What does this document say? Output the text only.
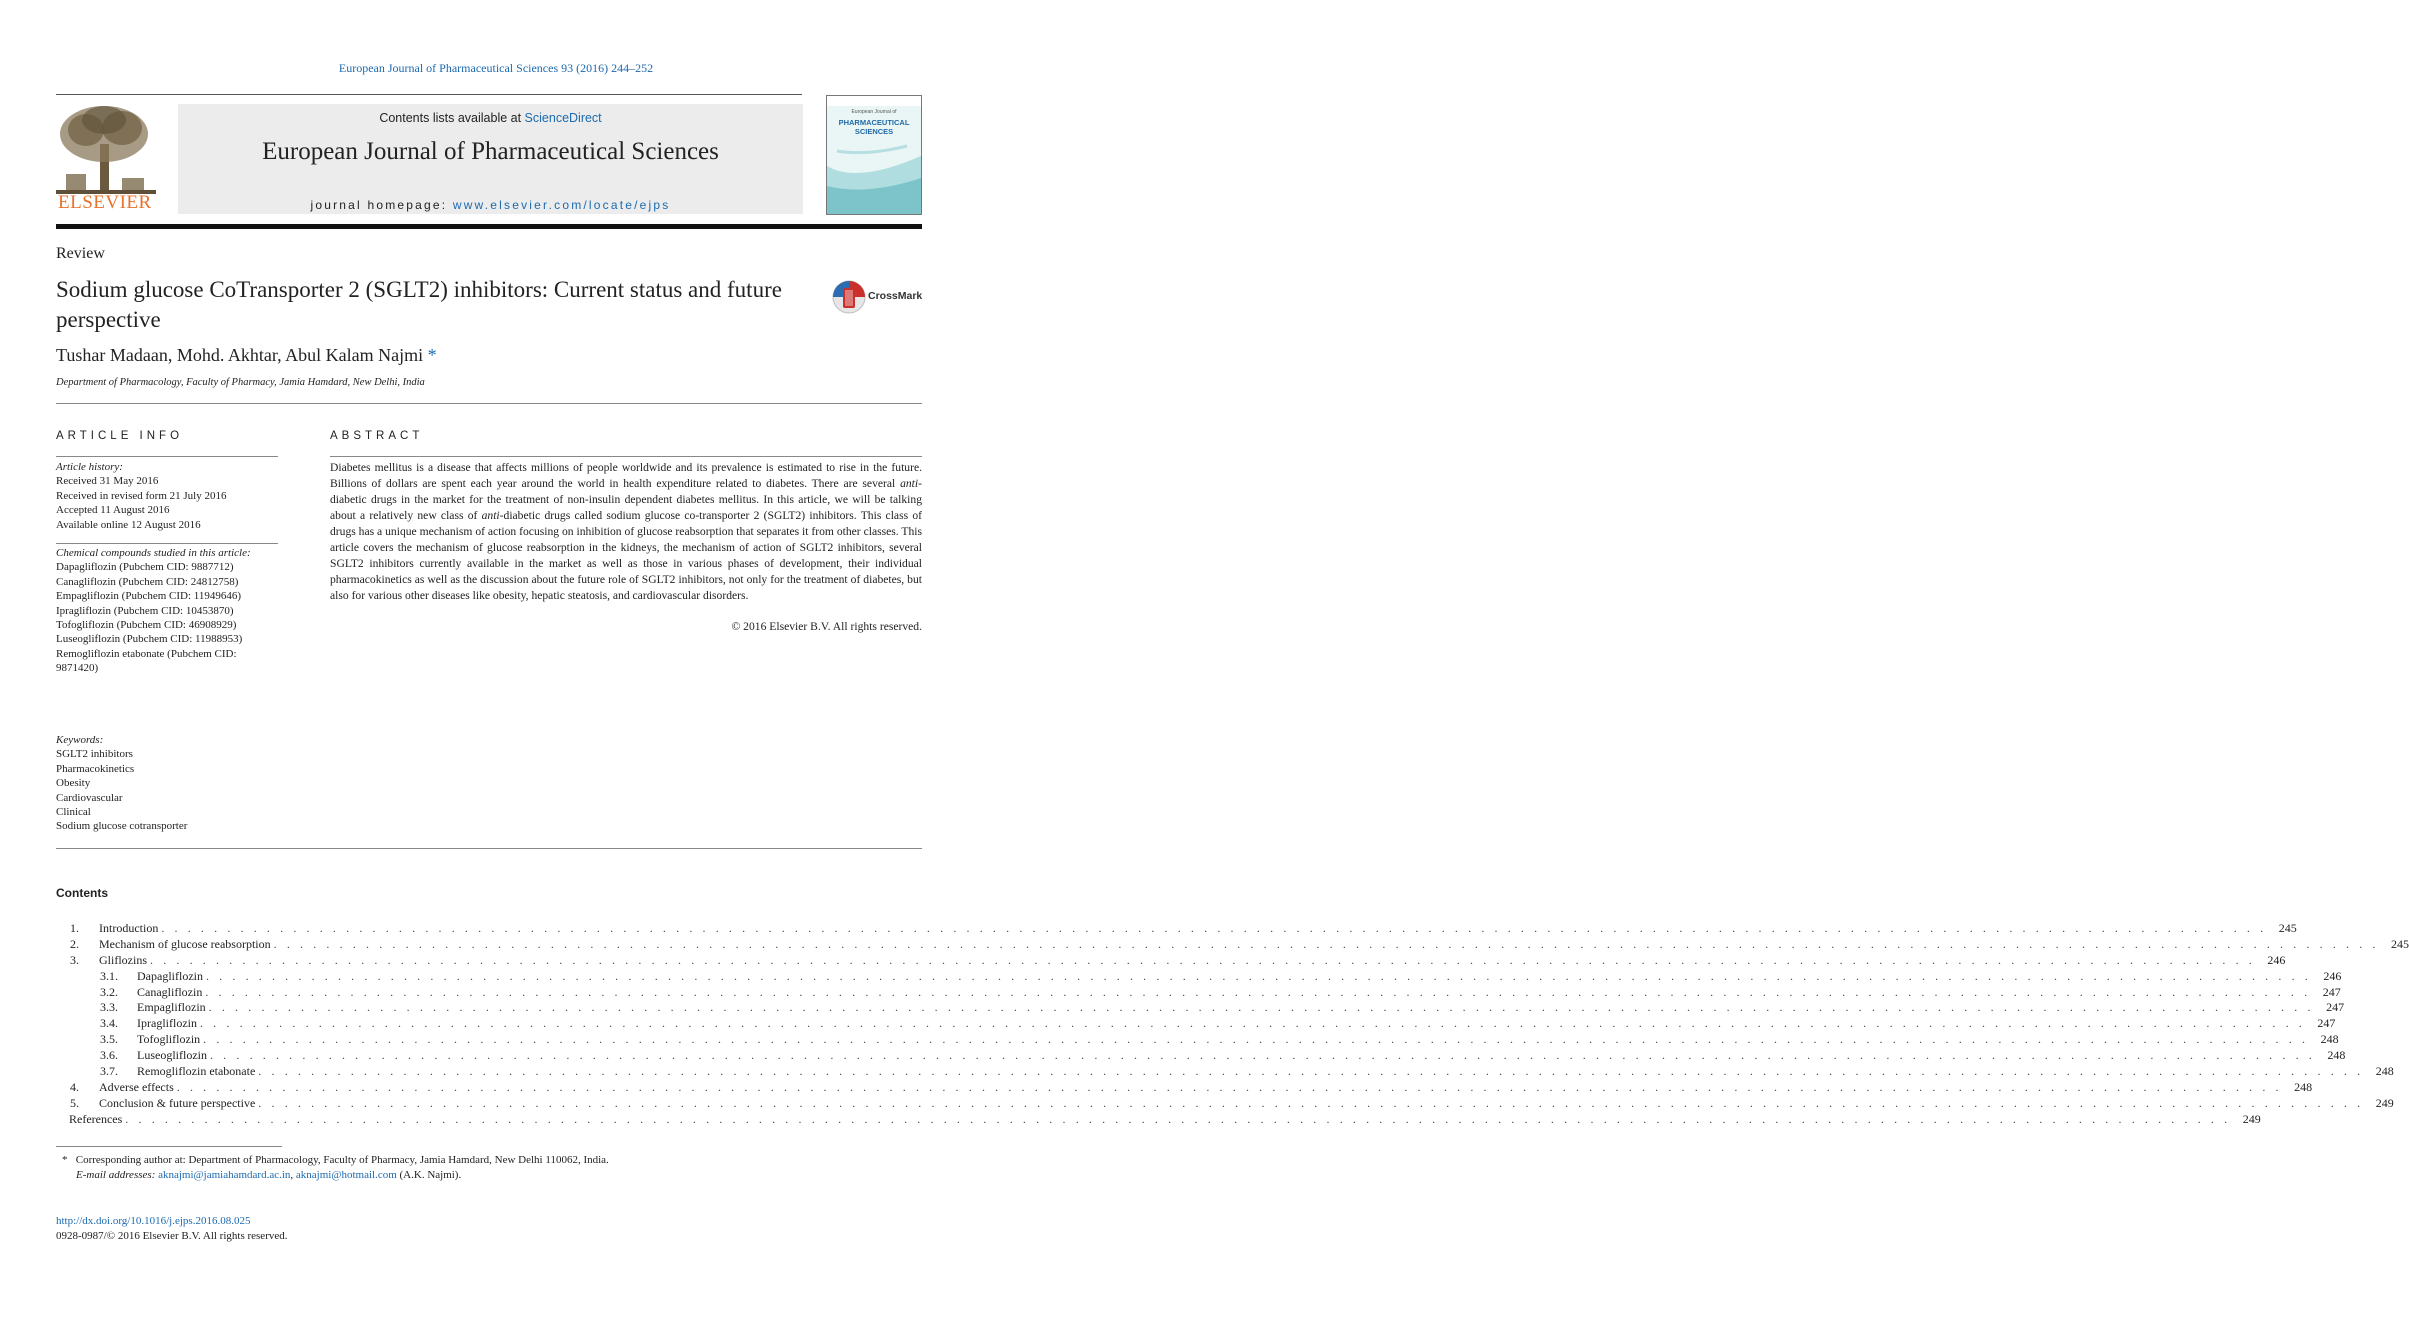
European Journal of Pharmaceutical Sciences 93 (2016) 244–252
ELSEVIER
Contents lists available at ScienceDirect
European Journal of Pharmaceutical Sciences
journal homepage: www.elsevier.com/locate/ejps
European Journal of
PHARMACEUTICAL SCIENCES
Review
Sodium glucose CoTransporter 2 (SGLT2) inhibitors: Current status and future perspective
CrossMark
Tushar Madaan, Mohd. Akhtar, Abul Kalam Najmi *
Department of Pharmacology, Faculty of Pharmacy, Jamia Hamdard, New Delhi, India
ARTICLE INFO	ABSTRACT
Article history:
Received 31 May 2016
Received in revised form 21 July 2016
Accepted 11 August 2016
Available online 12 August 2016
Chemical compounds studied in this article:
Dapagliflozin (Pubchem CID: 9887712)
Canagliflozin (Pubchem CID: 24812758)
Empagliflozin (Pubchem CID: 11949646)
Ipragliflozin (Pubchem CID: 10453870)
Tofogliflozin (Pubchem CID: 46908929)
Luseogliflozin (Pubchem CID: 11988953)
Remogliflozin etabonate (Pubchem CID:
9871420)
Keywords:
SGLT2 inhibitors
Pharmacokinetics
Obesity
Cardiovascular
Clinical
Sodium glucose cotransporter
Diabetes mellitus is a disease that affects millions of people worldwide and its prevalence is estimated to rise in the future. Billions of dollars are spent each year around the world in health expenditure related to diabetes. There are several anti-diabetic drugs in the market for the treatment of non-insulin dependent diabetes mellitus. In this article, we will be talking about a relatively new class of anti-diabetic drugs called sodium glucose co-transporter 2 (SGLT2) inhibitors. This class of drugs has a unique mechanism of action focusing on inhibition of glucose reabsorption that separates it from other classes. This article covers the mechanism of glucose reabsorption in the kidneys, the mechanism of action of SGLT2 inhibitors, several SGLT2 inhibitors currently available in the market as well as those in various phases of development, their individual pharmacokinetics as well as the discussion about the future role of SGLT2 inhibitors, not only for the treatment of diabetes, but also for various other diseases like obesity, hepatic steatosis, and cardiovascular disorders.
© 2016 Elsevier B.V. All rights reserved.
Contents
1.	Introduction . . . . . . . . . . . . . . . . . . . . . . . . . . . . . . . . . . . . . . . . . . . . . . . . . . . . . . . . . . . . . . . . . . . . . . . . . . . . . . . . . . . . . . . . . . . . . . . . . . . . . . . . . . . . . . . . . . . . . . . . . . . . . . . . . . . . . . . . . . . . . . . . . . . . . . . . . . . . . . . .	245
2.	Mechanism of glucose reabsorption . . . . . . . . . . . . . . . . . . . . . . . . . . . . . . . . . . . . . . . . . . . . . . . . . . . . . . . . . . . . . . . . . . . . . . . . . . . . . . . . . . . . . . . . . . . . . . . . . . . . . . . . . . . . . . . . . . . . . . . . . . . . . . . . . . . . . . . . . . . . . . . . . . . . . . . . . . . . . . . .	245
3.	Gliflozins . . . . . . . . . . . . . . . . . . . . . . . . . . . . . . . . . . . . . . . . . . . . . . . . . . . . . . . . . . . . . . . . . . . . . . . . . . . . . . . . . . . . . . . . . . . . . . . . . . . . . . . . . . . . . . . . . . . . . . . . . . . . . . . . . . . . . . . . . . . . . . . . . . . . . . . . . . . . . . . .	246
3.1.	Dapagliflozin . . . . . . . . . . . . . . . . . . . . . . . . . . . . . . . . . . . . . . . . . . . . . . . . . . . . . . . . . . . . . . . . . . . . . . . . . . . . . . . . . . . . . . . . . . . . . . . . . . . . . . . . . . . . . . . . . . . . . . . . . . . . . . . . . . . . . . . . . . . . . . . . . . . . . . . . . . . . . . . .	246
3.2.	Canagliflozin . . . . . . . . . . . . . . . . . . . . . . . . . . . . . . . . . . . . . . . . . . . . . . . . . . . . . . . . . . . . . . . . . . . . . . . . . . . . . . . . . . . . . . . . . . . . . . . . . . . . . . . . . . . . . . . . . . . . . . . . . . . . . . . . . . . . . . . . . . . . . . . . . . . . . . . . . . . . . . . .	247
3.3.	Empagliflozin . . . . . . . . . . . . . . . . . . . . . . . . . . . . . . . . . . . . . . . . . . . . . . . . . . . . . . . . . . . . . . . . . . . . . . . . . . . . . . . . . . . . . . . . . . . . . . . . . . . . . . . . . . . . . . . . . . . . . . . . . . . . . . . . . . . . . . . . . . . . . . . . . . . . . . . . . . . . . . . .	247
3.4.	Ipragliflozin . . . . . . . . . . . . . . . . . . . . . . . . . . . . . . . . . . . . . . . . . . . . . . . . . . . . . . . . . . . . . . . . . . . . . . . . . . . . . . . . . . . . . . . . . . . . . . . . . . . . . . . . . . . . . . . . . . . . . . . . . . . . . . . . . . . . . . . . . . . . . . . . . . . . . . . . . . . . . . . .	247
3.5.	Tofogliflozin . . . . . . . . . . . . . . . . . . . . . . . . . . . . . . . . . . . . . . . . . . . . . . . . . . . . . . . . . . . . . . . . . . . . . . . . . . . . . . . . . . . . . . . . . . . . . . . . . . . . . . . . . . . . . . . . . . . . . . . . . . . . . . . . . . . . . . . . . . . . . . . . . . . . . . . . . . . . . . . .	248
3.6.	Luseogliflozin . . . . . . . . . . . . . . . . . . . . . . . . . . . . . . . . . . . . . . . . . . . . . . . . . . . . . . . . . . . . . . . . . . . . . . . . . . . . . . . . . . . . . . . . . . . . . . . . . . . . . . . . . . . . . . . . . . . . . . . . . . . . . . . . . . . . . . . . . . . . . . . . . . . . . . . . . . . . . . . .	248
3.7.	Remogliflozin etabonate . . . . . . . . . . . . . . . . . . . . . . . . . . . . . . . . . . . . . . . . . . . . . . . . . . . . . . . . . . . . . . . . . . . . . . . . . . . . . . . . . . . . . . . . . . . . . . . . . . . . . . . . . . . . . . . . . . . . . . . . . . . . . . . . . . . . . . . . . . . . . . . . . . . . . . . . . . . . . . . .	248
4.	Adverse effects . . . . . . . . . . . . . . . . . . . . . . . . . . . . . . . . . . . . . . . . . . . . . . . . . . . . . . . . . . . . . . . . . . . . . . . . . . . . . . . . . . . . . . . . . . . . . . . . . . . . . . . . . . . . . . . . . . . . . . . . . . . . . . . . . . . . . . . . . . . . . . . . . . . . . . . . . . . . . . . .	248
5.	Conclusion & future perspective . . . . . . . . . . . . . . . . . . . . . . . . . . . . . . . . . . . . . . . . . . . . . . . . . . . . . . . . . . . . . . . . . . . . . . . . . . . . . . . . . . . . . . . . . . . . . . . . . . . . . . . . . . . . . . . . . . . . . . . . . . . . . . . . . . . . . . . . . . . . . . . . . . . . . . . . . . . . . . . .	249
References . . . . . . . . . . . . . . . . . . . . . . . . . . . . . . . . . . . . . . . . . . . . . . . . . . . . . . . . . . . . . . . . . . . . . . . . . . . . . . . . . . . . . . . . . . . . . . . . . . . . . . . . . . . . . . . . . . . . . . . . . . . . . . . . . . . . . . . . . . . . . . . . . . . . . . . . . . . . . . . .	249
* Corresponding author at: Department of Pharmacology, Faculty of Pharmacy, Jamia Hamdard, New Delhi 110062, India.
E-mail addresses: aknajmi@jamiahamdard.ac.in, aknajmi@hotmail.com (A.K. Najmi).
http://dx.doi.org/10.1016/j.ejps.2016.08.025
0928-0987/© 2016 Elsevier B.V. All rights reserved.
